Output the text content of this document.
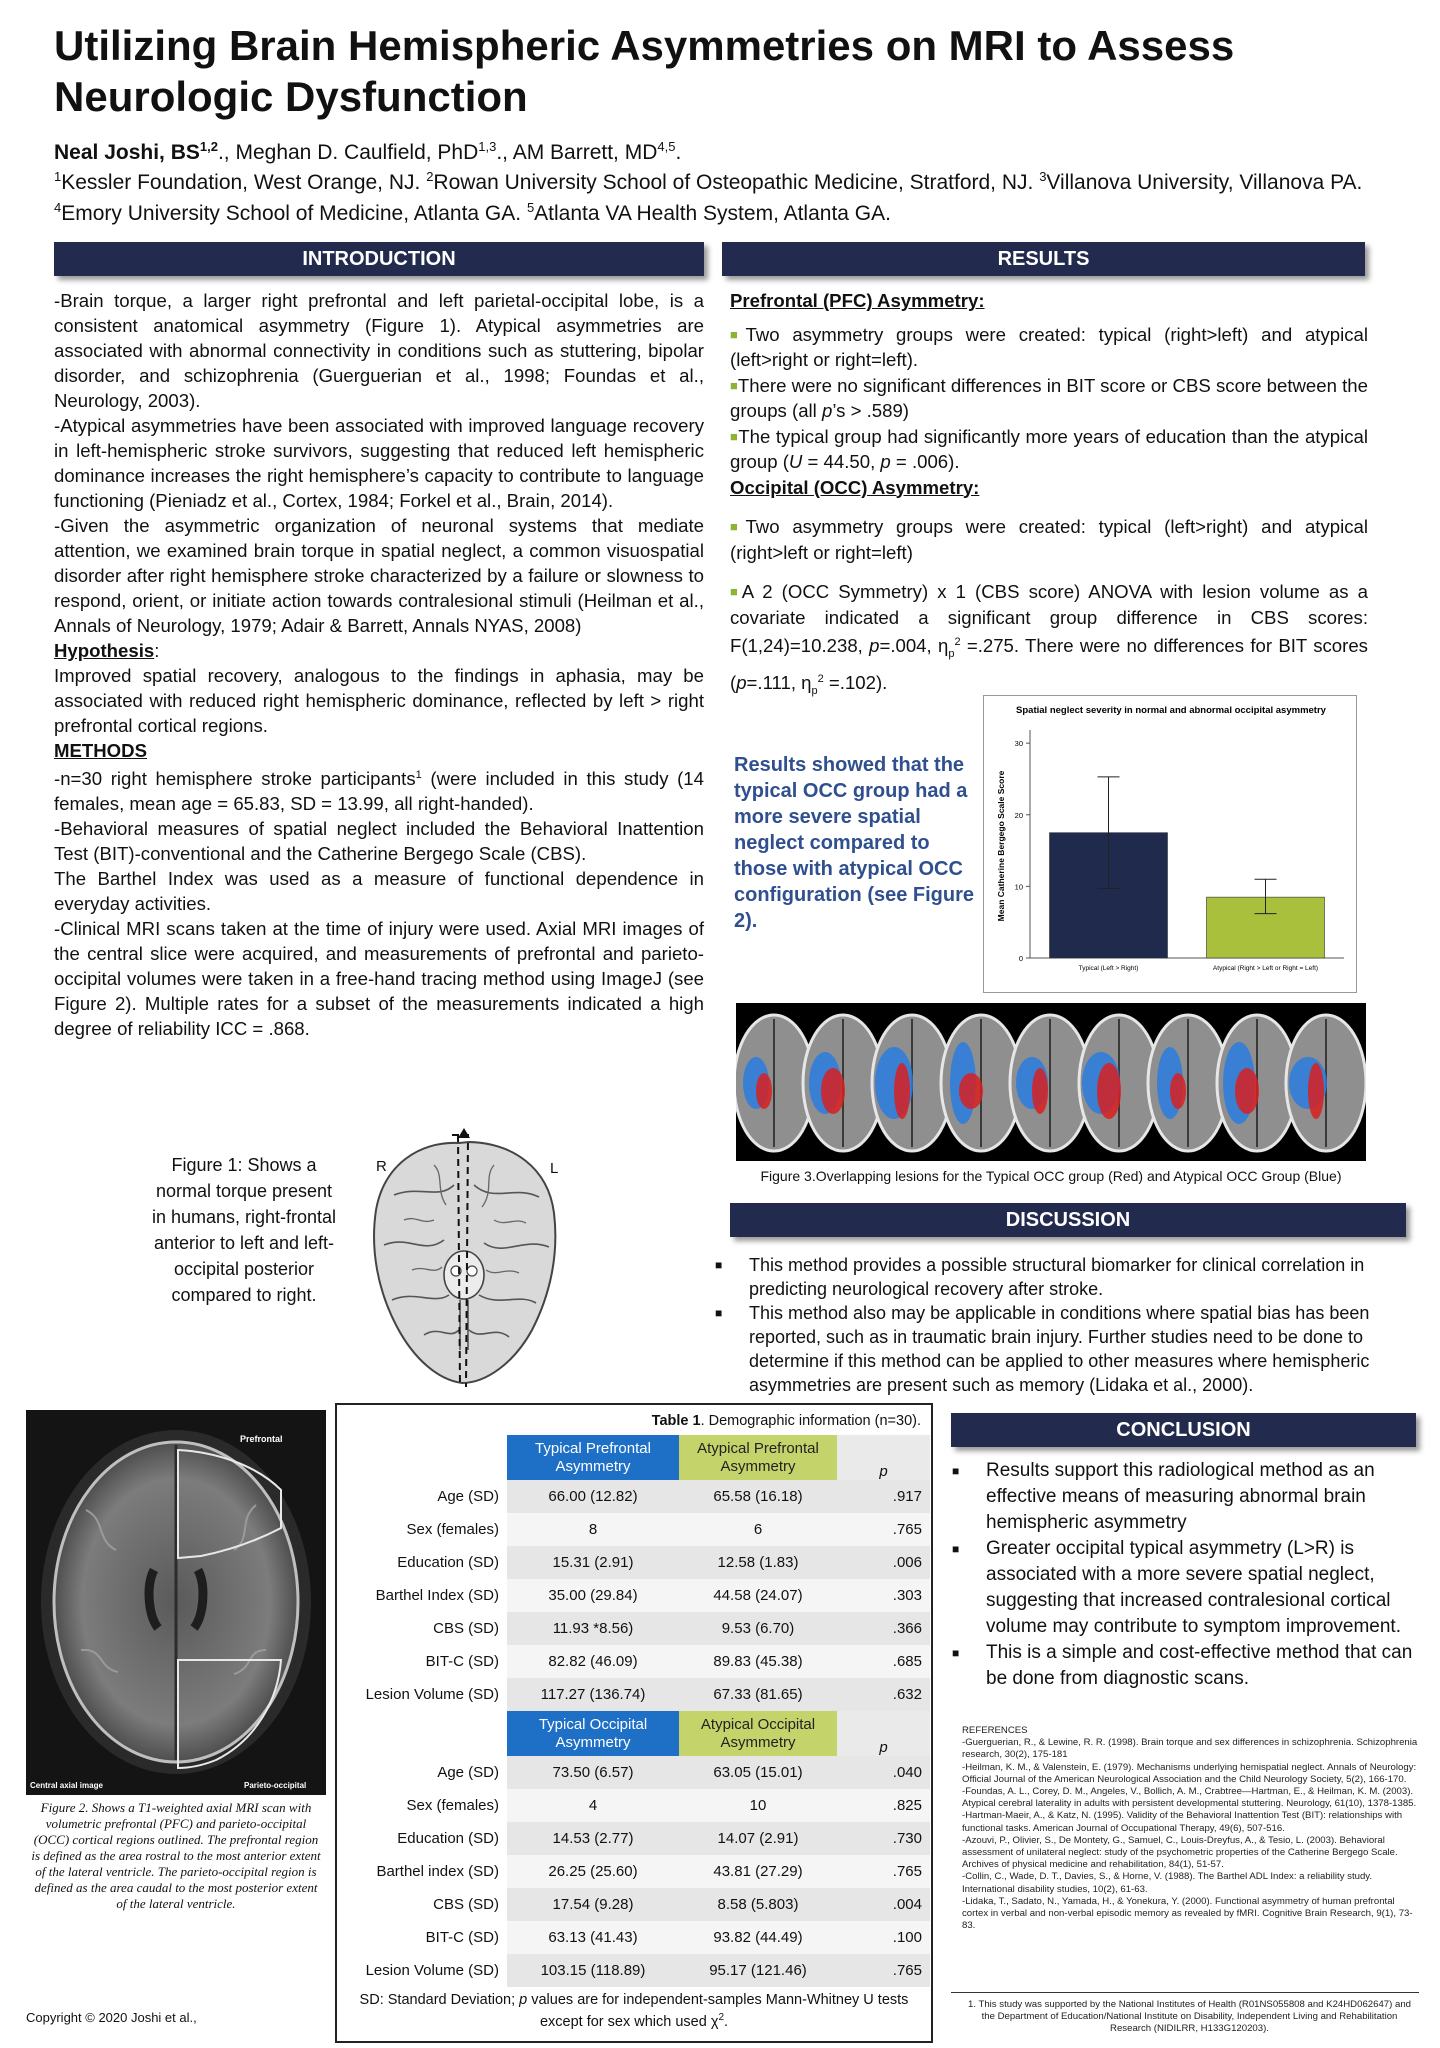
Utilizing Brain Hemispheric Asymmetries on MRI to Assess Neurologic Dysfunction
Neal Joshi, BS$^{1,2}$., Meghan D. Caulfield, PhD$^{1,3}$., AM Barrett, MD$^{4,5}$.
$^1$Kessler Foundation, West Orange, NJ. $^2$Rowan University School of Osteopathic Medicine, Stratford, NJ. $^3$Villanova University, Villanova PA. $^4$Emory University School of Medicine, Atlanta GA. $^5$Atlanta VA Health System, Atlanta GA.
INTRODUCTION

-Brain torque, a larger right prefrontal and left parietal-occipital lobe, is a consistent anatomical asymmetry (Figure 1). Atypical asymmetries are associated with abnormal connectivity in conditions such as stuttering, bipolar disorder, and schizophrenia (Guerguerian et al., 1998; Foundas et al., Neurology, 2003).

-Atypical asymmetries have been associated with improved language recovery in left-hemispheric stroke survivors, suggesting that reduced left hemispheric dominance increases the right hemisphere’s capacity to contribute to language functioning (Pieniadz et al., Cortex, 1984; Forkel et al., Brain, 2014).

-Given the asymmetric organization of neuronal systems that mediate attention, we examined brain torque in spatial neglect, a common visuospatial disorder after right hemisphere stroke characterized by a failure or slowness to respond, orient, or initiate action towards contralesional stimuli (Heilman et al., Annals of Neurology, 1979; Adair & Barrett, Annals NYAS, 2008)

Hypothesis:

Improved spatial recovery, analogous to the findings in aphasia, may be associated with reduced right hemispheric dominance, reflected by left > right prefrontal cortical regions.

METHODS

-n=30 right hemisphere stroke participants$^1$ (were included in this study (14 females, mean age = 65.83, SD = 13.99, all right-handed).

-Behavioral measures of spatial neglect included the Behavioral Inattention Test (BIT)-conventional and the Catherine Bergego Scale (CBS).

The Barthel Index was used as a measure of functional dependence in everyday activities.

-Clinical MRI scans taken at the time of injury were used. Axial MRI images of the central slice were acquired, and measurements of prefrontal and parieto-occipital volumes were taken in a free-hand tracing method using ImageJ (see Figure 2). Multiple rates for a subset of the measurements indicated a high degree of reliability ICC = .868.

Figure 1: Shows a normal torque present in humans, right-frontal anterior to left and left-occipital posterior compared to right.
R	L
Prefrontal
Central axial image	Parieto-occipital
Figure 2. Shows a T1-weighted axial MRI scan with volumetric prefrontal (PFC) and parieto-occipital (OCC) cortical regions outlined. The prefrontal region is defined as the area rostral to the most anterior extent of the lateral ventricle. The parieto-occipital region is defined as the area caudal to the most posterior extent of the lateral ventricle.
Copyright © 2020 Joshi et al.,
Table 1. Demographic information (n=30).
	Typical Prefrontal Asymmetry	Atypical Prefrontal Asymmetry	p
Age (SD)	66.00 (12.82)	65.58 (16.18)	.917
Sex (females)	8	6	.765
Education (SD)	15.31 (2.91)	12.58 (1.83)	.006
Barthel Index (SD)	35.00 (29.84)	44.58 (24.07)	.303
CBS (SD)	11.93 *8.56)	9.53 (6.70)	.366
BIT-C (SD)	82.82 (46.09)	89.83 (45.38)	.685
Lesion Volume (SD)	117.27 (136.74)	67.33 (81.65)	.632
	Typical Occipital Asymmetry	Atypical Occipital Asymmetry	p
Age (SD)	73.50 (6.57)	63.05 (15.01)	.040
Sex (females)	4	10	.825
Education (SD)	14.53 (2.77)	14.07 (2.91)	.730
Barthel index (SD)	26.25 (25.60)	43.81 (27.29)	.765
CBS (SD)	17.54 (9.28)	8.58 (5.803)	.004
BIT-C (SD)	63.13 (41.43)	93.82 (44.49)	.100
Lesion Volume (SD)	103.15 (118.89)	95.17 (121.46)	.765
SD: Standard Deviation; p values are for independent-samples Mann-Whitney U tests except for sex which used $\chi^2$.
RESULTS
Prefrontal (PFC) Asymmetry:
■Two asymmetry groups were created: typical (right>left) and atypical (left>right or right=left).
■There were no significant differences in BIT score or CBS score between the groups (all p’s > .589)
■The typical group had significantly more years of education than the atypical group (U = 44.50, p = .006).
Occipital (OCC) Asymmetry:
■Two asymmetry groups were created: typical (left>right) and atypical (right>left or right=left)
■A 2 (OCC Symmetry) x 1 (CBS score) ANOVA with lesion volume as a covariate indicated a significant group difference in CBS scores: F(1,24)=10.238, p=.004, $\eta_p^2 =.275$. There were no differences for BIT scores (p=.111, $\eta_p^2 =.102$).
Results showed that the typical OCC group had a more severe spatial neglect compared to those with atypical OCC configuration (see Figure 2).
Spatial neglect severity in normal and abnormal occipital asymmetry
Mean Catherine Bergego Scale Score
0
10
20
30
Typical (Left > Right)	Atypical (Right > Left or Right = Left)
Figure 3.Overlapping lesions for the Typical OCC group (Red) and Atypical OCC Group (Blue)
DISCUSSION
■ This method provides a possible structural biomarker for clinical correlation in predicting neurological recovery after stroke.
■ This method also may be applicable in conditions where spatial bias has been reported, such as in traumatic brain injury. Further studies need to be done to determine if this method can be applied to other measures where hemispheric asymmetries are present such as memory (Lidaka et al., 2000).
CONCLUSION
■ Results support this radiological method as an effective means of measuring abnormal brain hemispheric asymmetry
■ Greater occipital typical asymmetry (L>R) is associated with a more severe spatial neglect, suggesting that increased contralesional cortical volume may contribute to symptom improvement.
■ This is a simple and cost-effective method that can be done from diagnostic scans.
REFERENCES
-Guerguerian, R., & Lewine, R. R. (1998). Brain torque and sex differences in schizophrenia. Schizophrenia research, 30(2), 175-181
-Heilman, K. M., & Valenstein, E. (1979). Mechanisms underlying hemispatial neglect. Annals of Neurology: Official Journal of the American Neurological Association and the Child Neurology Society, 5(2), 166-170.
-Foundas, A. L., Corey, D. M., Angeles, V., Bollich, A. M., Crabtree—Hartman, E., & Heilman, K. M. (2003). Atypical cerebral laterality in adults with persistent developmental stuttering. Neurology, 61(10), 1378-1385.
-Hartman-Maeir, A., & Katz, N. (1995). Validity of the Behavioral Inattention Test (BIT): relationships with functional tasks. American Journal of Occupational Therapy, 49(6), 507-516.
-Azouvi, P., Olivier, S., De Montety, G., Samuel, C., Louis-Dreyfus, A., & Tesio, L. (2003). Behavioral assessment of unilateral neglect: study of the psychometric properties of the Catherine Bergego Scale. Archives of physical medicine and rehabilitation, 84(1), 51-57.
-Collin, C., Wade, D. T., Davies, S., & Horne, V. (1988). The Barthel ADL Index: a reliability study. International disability studies, 10(2), 61-63.
-Lidaka, T., Sadato, N., Yamada, H., & Yonekura, Y. (2000). Functional asymmetry of human prefrontal cortex in verbal and non-verbal episodic memory as revealed by fMRI. Cognitive Brain Research, 9(1), 73-83.
1. This study was supported by the National Institutes of Health (R01NS055808 and K24HD062647) and the Department of Education/National Institute on Disability, Independent Living and Rehabilitation Research (NIDILRR, H133G120203).
